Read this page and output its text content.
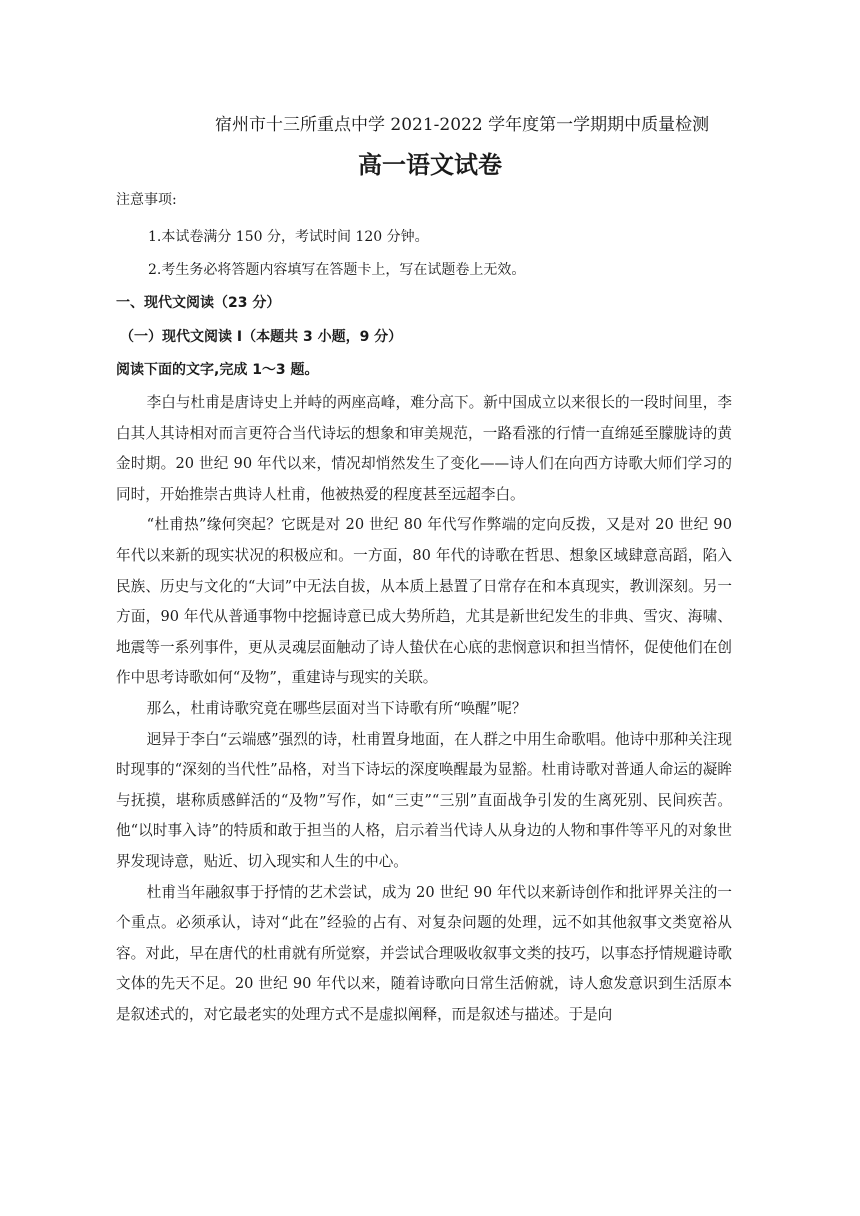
宿州市十三所重点中学 2021-2022 学年度第一学期期中质量检测
高一语文试卷
注意事项:
1.本试卷满分 150 分，考试时间 120 分钟。
2.考生务必将答题内容填写在答题卡上，写在试题卷上无效。
一、现代文阅读（23 分）
（一）现代文阅读 Ⅰ（本题共 3 小题，9 分）
阅读下面的文字,完成 1～3 题。

李白与杜甫是唐诗史上并峙的两座高峰，难分高下。新中国成立以来很长的一段时间里，李白其人其诗相对而言更符合当代诗坛的想象和审美规范，一路看涨的行情一直绵延至朦胧诗的黄金时期。20 世纪 90 年代以来，情况却悄然发生了变化——诗人们在向西方诗歌大师们学习的同时，开始推崇古典诗人杜甫，他被热爱的程度甚至远超李白。

“杜甫热”缘何突起？它既是对 20 世纪 80 年代写作弊端的定向反拨，又是对 20 世纪 90 年代以来新的现实状况的积极应和。一方面，80 年代的诗歌在哲思、想象区域肆意高蹈，陷入民族、历史与文化的“大词”中无法自拔，从本质上悬置了日常存在和本真现实，教训深刻。另一方面，90 年代从普通事物中挖掘诗意已成大势所趋，尤其是新世纪发生的非典、雪灾、海啸、地震等一系列事件，更从灵魂层面触动了诗人蛰伏在心底的悲悯意识和担当情怀，促使他们在创作中思考诗歌如何“及物”，重建诗与现实的关联。

那么，杜甫诗歌究竟在哪些层面对当下诗歌有所“唤醒”呢？

迥异于李白“云端感”强烈的诗，杜甫置身地面，在人群之中用生命歌唱。他诗中那种关注现时现事的“深刻的当代性”品格，对当下诗坛的深度唤醒最为显豁。杜甫诗歌对普通人命运的凝眸与抚摸，堪称质感鲜活的“及物”写作，如“三吏”“三别”直面战争引发的生离死别、民间疾苦。他“以时事入诗”的特质和敢于担当的人格，启示着当代诗人从身边的人物和事件等平凡的对象世界发现诗意，贴近、切入现实和人生的中心。

杜甫当年融叙事于抒情的艺术尝试，成为 20 世纪 90 年代以来新诗创作和批评界关注的一个重点。必须承认，诗对“此在”经验的占有、对复杂问题的处理，远不如其他叙事文类宽裕从容。对此，早在唐代的杜甫就有所觉察，并尝试合理吸收叙事文类的技巧，以事态抒情规避诗歌文体的先天不足。20 世纪 90 年代以来，随着诗歌向日常生活俯就，诗人愈发意识到生活原本是叙述式的，对它最老实的处理方式不是虚拟阐释，而是叙述与描述。于是向
